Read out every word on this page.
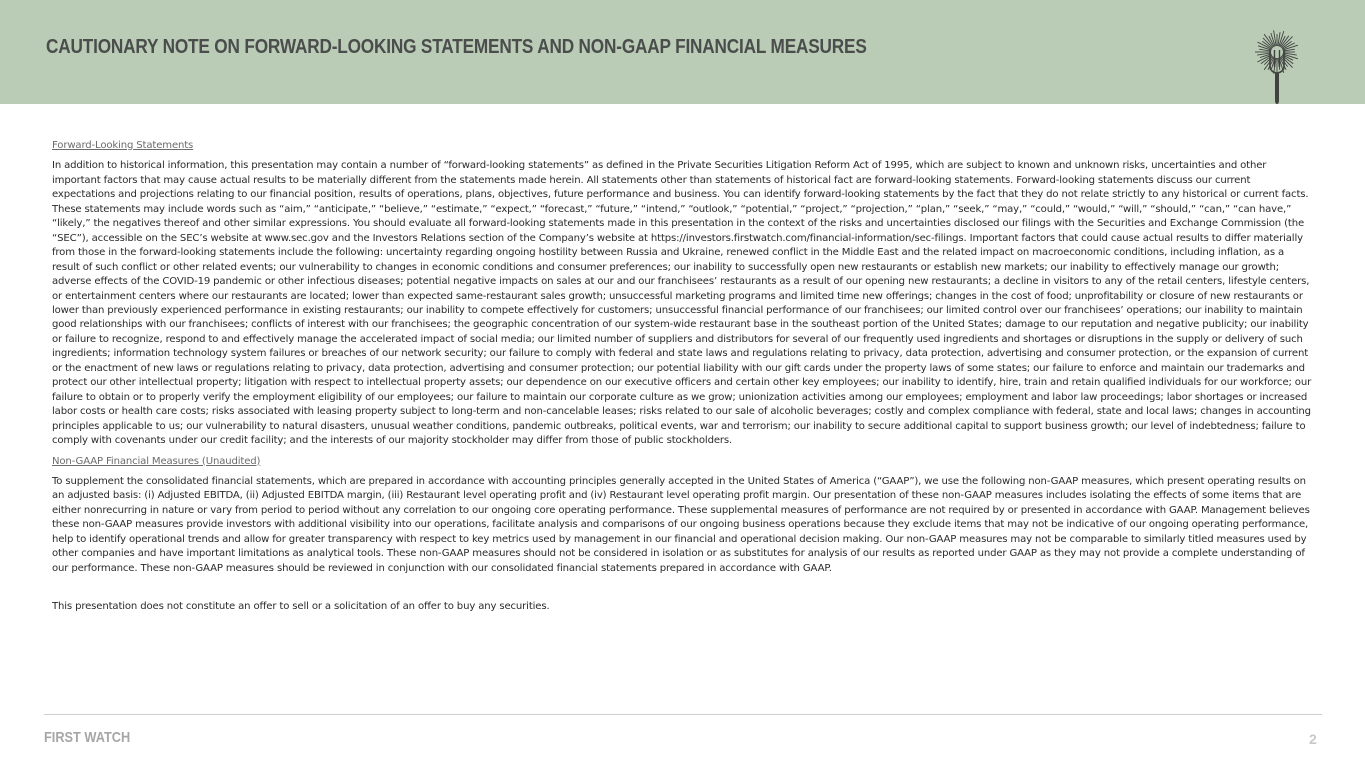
CAUTIONARY NOTE ON FORWARD-LOOKING STATEMENTS AND NON-GAAP FINANCIAL MEASURES
Forward-Looking Statements
In addition to historical information, this presentation may contain a number of “forward-looking statements” as defined in the Private Securities Litigation Reform Act of 1995, which are subject to known and unknown risks, uncertainties and other important factors that may cause actual results to be materially different from the statements made herein. All statements other than statements of historical fact are forward-looking statements. Forward-looking statements discuss our current expectations and projections relating to our financial position, results of operations, plans, objectives, future performance and business. You can identify forward-looking statements by the fact that they do not relate strictly to any historical or current facts. These statements may include words such as “aim,” “anticipate,” “believe,” “estimate,” “expect,” “forecast,” “future,” “intend,” “outlook,” “potential,” “project,” “projection,” “plan,” “seek,” “may,” “could,” “would,” “will,” “should,” “can,” “can have,” “likely,” the negatives thereof and other similar expressions. You should evaluate all forward-looking statements made in this presentation in the context of the risks and uncertainties disclosed our filings with the Securities and Exchange Commission (the “SEC”), accessible on the SEC’s website at www.sec.gov and the Investors Relations section of the Company’s website at https://investors.firstwatch.com/financial-information/sec-filings. Important factors that could cause actual results to differ materially from those in the forward-looking statements include the following: uncertainty regarding ongoing hostility between Russia and Ukraine, renewed conflict in the Middle East and the related impact on macroeconomic conditions, including inflation, as a result of such conflict or other related events; our vulnerability to changes in economic conditions and consumer preferences; our inability to successfully open new restaurants or establish new markets; our inability to effectively manage our growth; adverse effects of the COVID-19 pandemic or other infectious diseases; potential negative impacts on sales at our and our franchisees’ restaurants as a result of our opening new restaurants; a decline in visitors to any of the retail centers, lifestyle centers, or entertainment centers where our restaurants are located; lower than expected same-restaurant sales growth; unsuccessful marketing programs and limited time new offerings; changes in the cost of food; unprofitability or closure of new restaurants or lower than previously experienced performance in existing restaurants; our inability to compete effectively for customers; unsuccessful financial performance of our franchisees; our limited control over our franchisees’ operations; our inability to maintain good relationships with our franchisees; conflicts of interest with our franchisees; the geographic concentration of our system-wide restaurant base in the southeast portion of the United States; damage to our reputation and negative publicity; our inability or failure to recognize, respond to and effectively manage the accelerated impact of social media; our limited number of suppliers and distributors for several of our frequently used ingredients and shortages or disruptions in the supply or delivery of such ingredients; information technology system failures or breaches of our network security; our failure to comply with federal and state laws and regulations relating to privacy, data protection, advertising and consumer protection, or the expansion of current or the enactment of new laws or regulations relating to privacy, data protection, advertising and consumer protection; our potential liability with our gift cards under the property laws of some states; our failure to enforce and maintain our trademarks and protect our other intellectual property; litigation with respect to intellectual property assets; our dependence on our executive officers and certain other key employees; our inability to identify, hire, train and retain qualified individuals for our workforce; our failure to obtain or to properly verify the employment eligibility of our employees; our failure to maintain our corporate culture as we grow; unionization activities among our employees; employment and labor law proceedings; labor shortages or increased labor costs or health care costs; risks associated with leasing property subject to long-term and non-cancelable leases; risks related to our sale of alcoholic beverages; costly and complex compliance with federal, state and local laws; changes in accounting principles applicable to us; our vulnerability to natural disasters, unusual weather conditions, pandemic outbreaks, political events, war and terrorism; our inability to secure additional capital to support business growth; our level of indebtedness; failure to comply with covenants under our credit facility; and the interests of our majority stockholder may differ from those of public stockholders.
Non-GAAP Financial Measures (Unaudited)
To supplement the consolidated financial statements, which are prepared in accordance with accounting principles generally accepted in the United States of America (“GAAP”), we use the following non-GAAP measures, which present operating results on an adjusted basis: (i) Adjusted EBITDA, (ii) Adjusted EBITDA margin, (iii) Restaurant level operating profit and (iv) Restaurant level operating profit margin. Our presentation of these non-GAAP measures includes isolating the effects of some items that are either nonrecurring in nature or vary from period to period without any correlation to our ongoing core operating performance. These supplemental measures of performance are not required by or presented in accordance with GAAP. Management believes these non-GAAP measures provide investors with additional visibility into our operations, facilitate analysis and comparisons of our ongoing business operations because they exclude items that may not be indicative of our ongoing operating performance, help to identify operational trends and allow for greater transparency with respect to key metrics used by management in our financial and operational decision making. Our non-GAAP measures may not be comparable to similarly titled measures used by other companies and have important limitations as analytical tools. These non-GAAP measures should not be considered in isolation or as substitutes for analysis of our results as reported under GAAP as they may not provide a complete understanding of our performance. These non-GAAP measures should be reviewed in conjunction with our consolidated financial statements prepared in accordance with GAAP.
This presentation does not constitute an offer to sell or a solicitation of an offer to buy any securities.
FIRST WATCH	2
